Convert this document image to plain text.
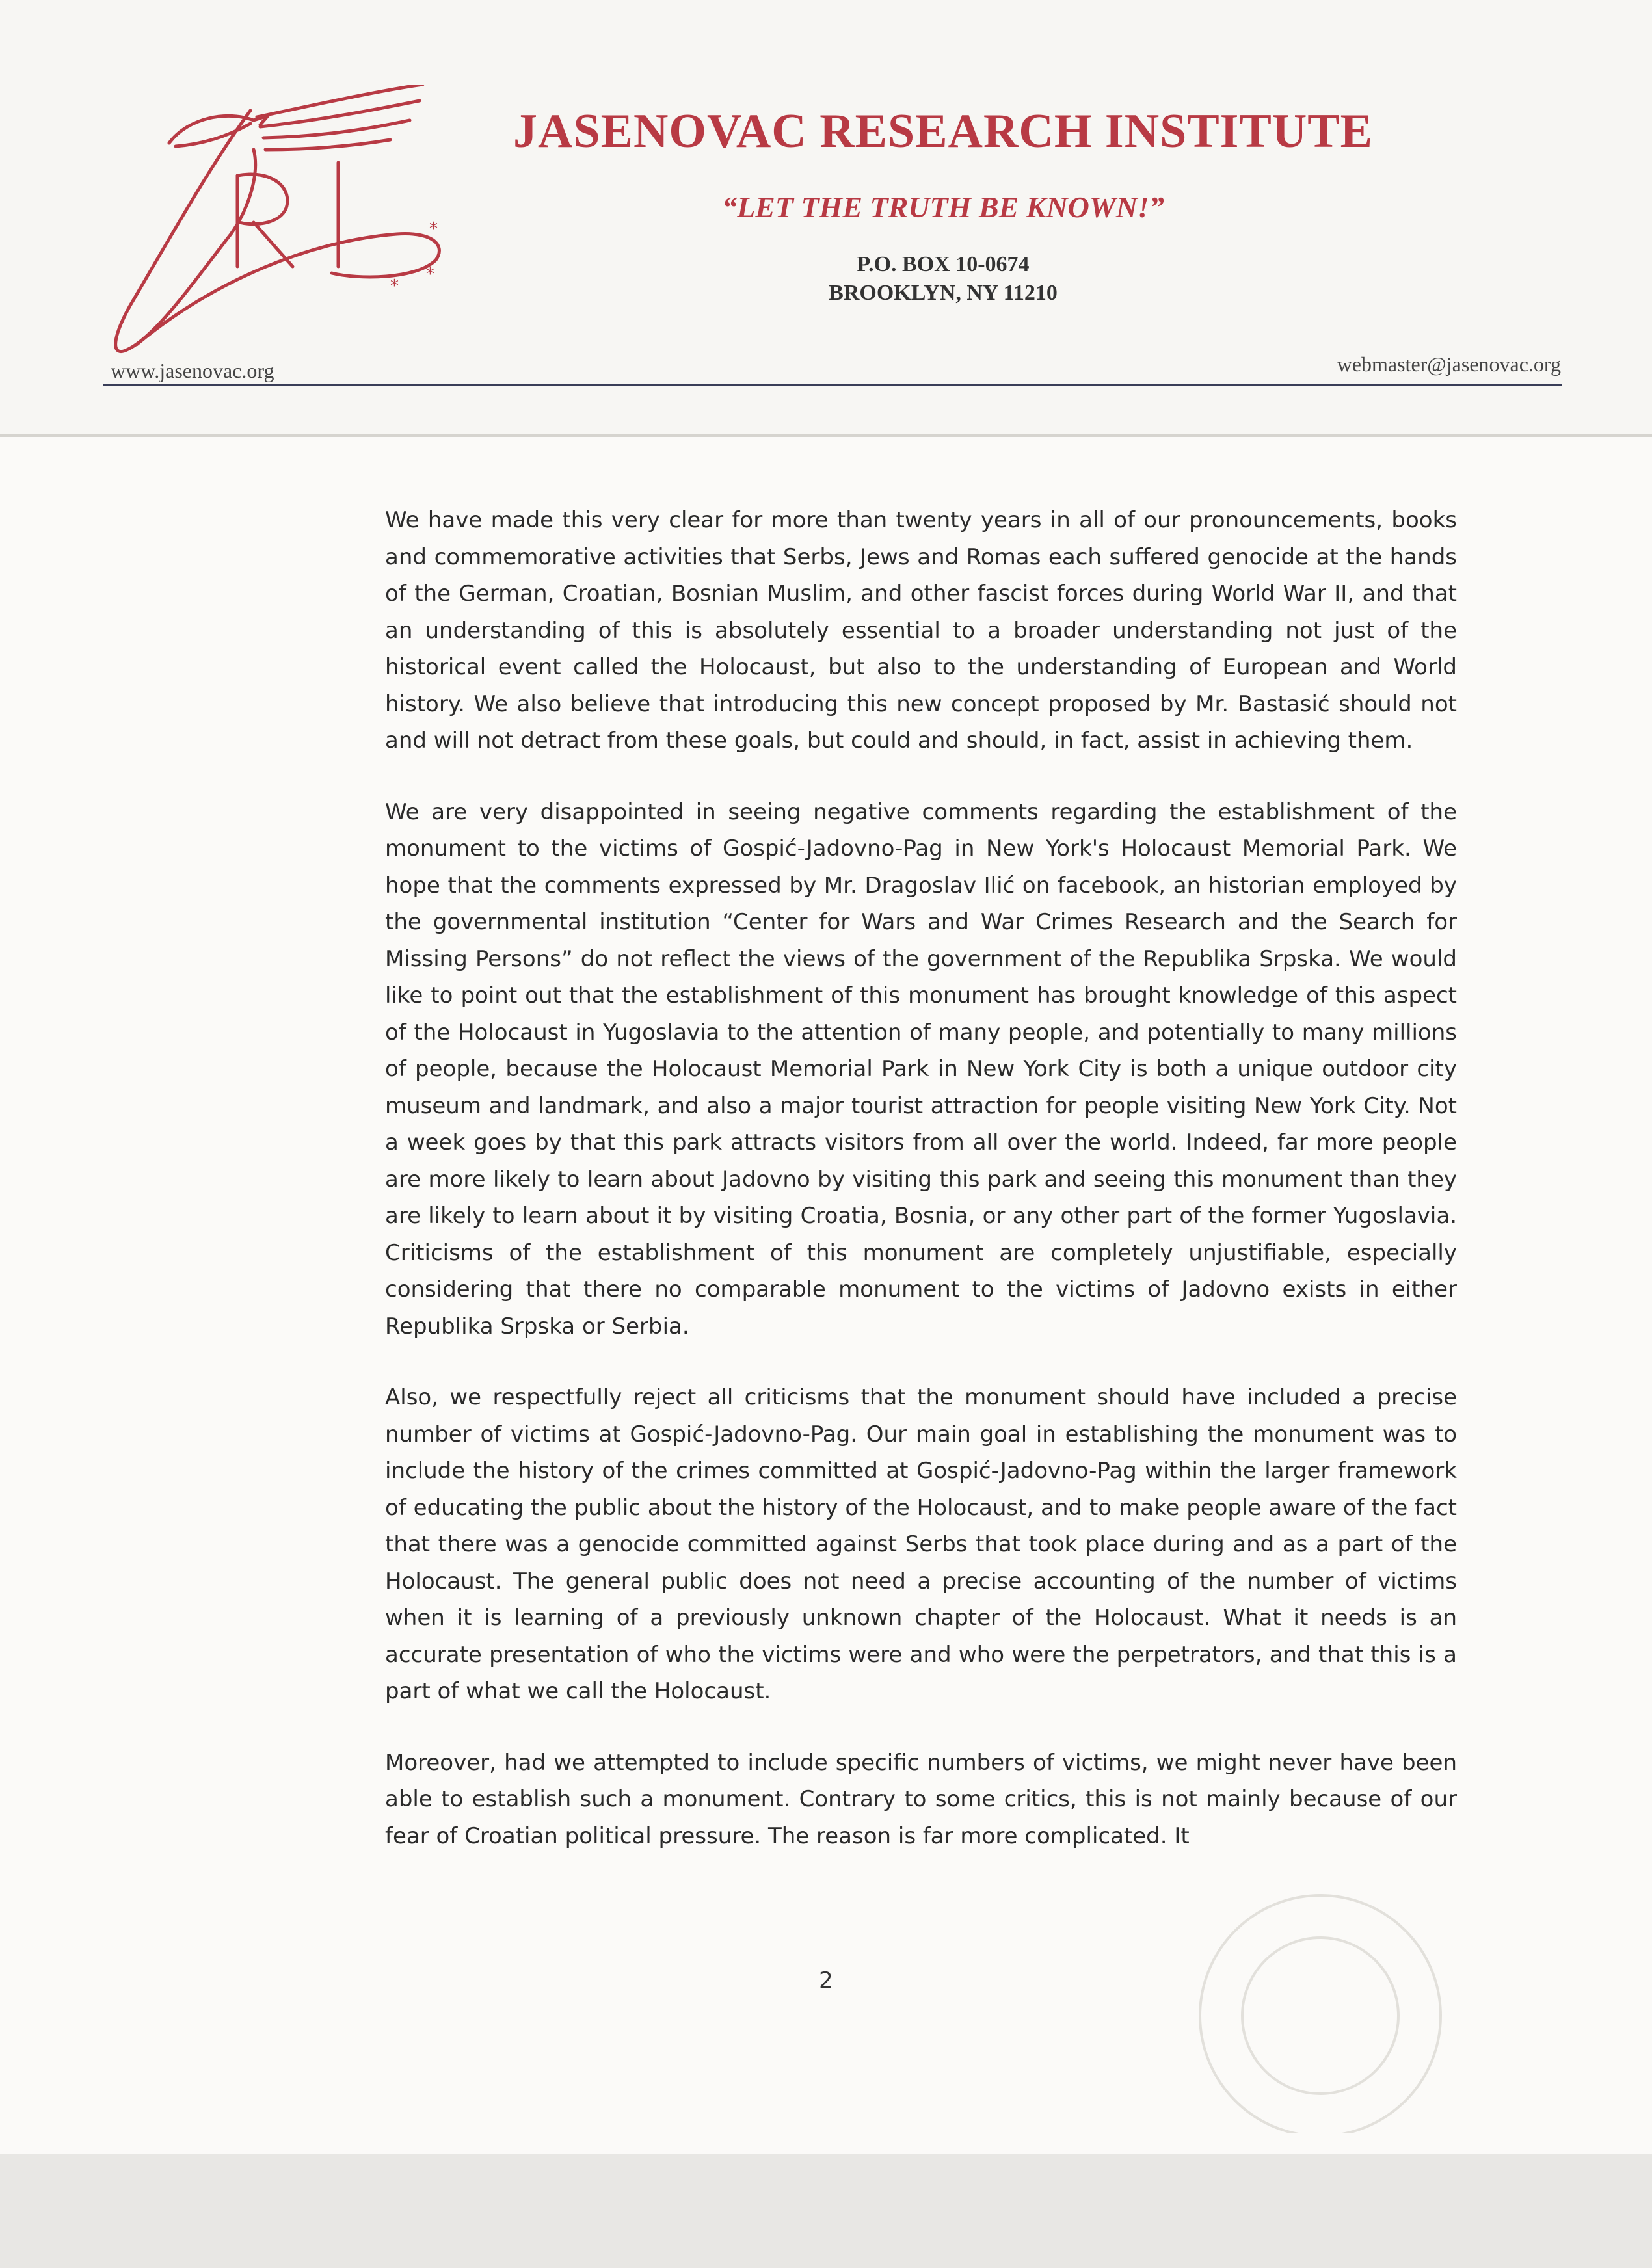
*
*
*
JRI
JASENOVAC RESEARCH INSTITUTE
“LET THE TRUTH BE KNOWN!”
P.O. BOX 10-0674
BROOKLYN, NY 11210
www.jasenovac.org	webmaster@jasenovac.org

We have made this very clear for more than twenty years in all of our pronouncements, books and commemorative activities that Serbs, Jews and Romas each suffered genocide at the hands of the German, Croatian, Bosnian Muslim, and other fascist forces during World War II, and that an understanding of this is absolutely essential to a broader understanding not just of the historical event called the Holocaust, but also to the understanding of European and World history. We also believe that introducing this new concept proposed by Mr. Bastasić should not and will not detract from these goals, but could and should, in fact, assist in achieving them.

We are very disappointed in seeing negative comments regarding the establishment of the monument to the victims of Gospić-Jadovno-Pag in New York's Holocaust Memorial Park. We hope that the comments expressed by Mr. Dragoslav Ilić on facebook, an historian employed by the governmental institution “Center for Wars and War Crimes Research and the Search for Missing Persons” do not reflect the views of the government of the Republika Srpska. We would like to point out that the establishment of this monument has brought knowledge of this aspect of the Holocaust in Yugoslavia to the attention of many people, and potentially to many millions of people, because the Holocaust Memorial Park in New York City is both a unique outdoor city museum and landmark, and also a major tourist attraction for people visiting New York City. Not a week goes by that this park attracts visitors from all over the world. Indeed, far more people are more likely to learn about Jadovno by visiting this park and seeing this monument than they are likely to learn about it by visiting Croatia, Bosnia, or any other part of the former Yugoslavia. Criticisms of the establishment of this monument are completely unjustifiable, especially considering that there no comparable monument to the victims of Jadovno exists in either Republika Srpska or Serbia.

Also, we respectfully reject all criticisms that the monument should have included a precise number of victims at Gospić-Jadovno-Pag. Our main goal in establishing the monument was to include the history of the crimes committed at Gospić-Jadovno-Pag within the larger framework of educating the public about the history of the Holocaust, and to make people aware of the fact that there was a genocide committed against Serbs that took place during and as a part of the Holocaust. The general public does not need a precise accounting of the number of victims when it is learning of a previously unknown chapter of the Holocaust. What it needs is an accurate presentation of who the victims were and who were the perpetrators, and that this is a part of what we call the Holocaust.

Moreover, had we attempted to include specific numbers of victims, we might never have been able to establish such a monument. Contrary to some critics, this is not mainly because of our fear of Croatian political pressure. The reason is far more complicated. It

2
